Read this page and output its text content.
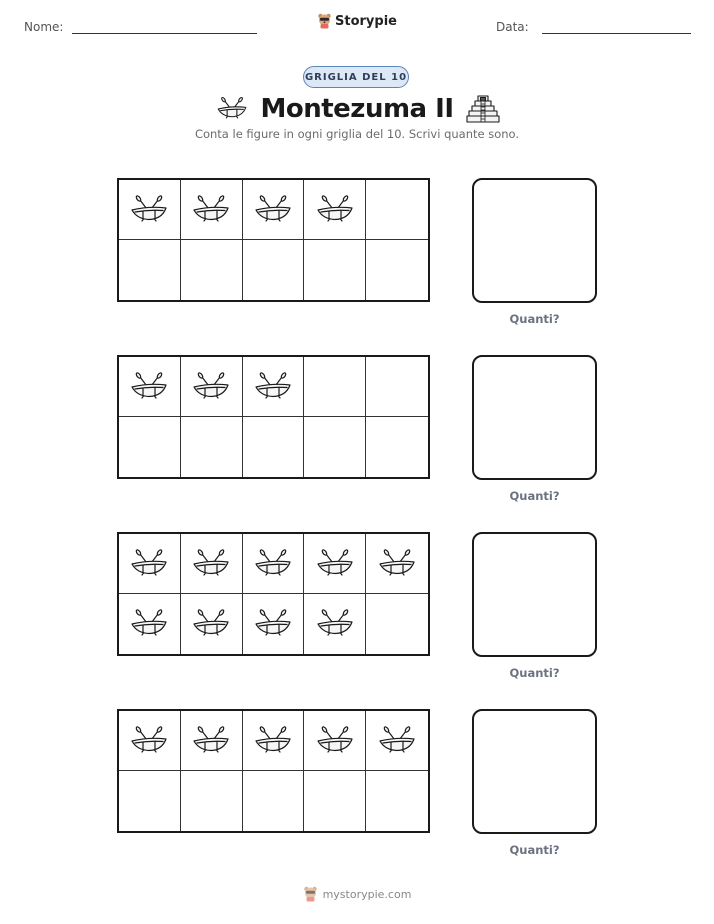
Nome:	Storypie	Data:
GRIGLIA DEL 10
Montezuma II
Conta le figure in ogni griglia del 10. Scrivi quante sono.
Quanti?
Quanti?
Quanti?
Quanti?
mystorypie.com
